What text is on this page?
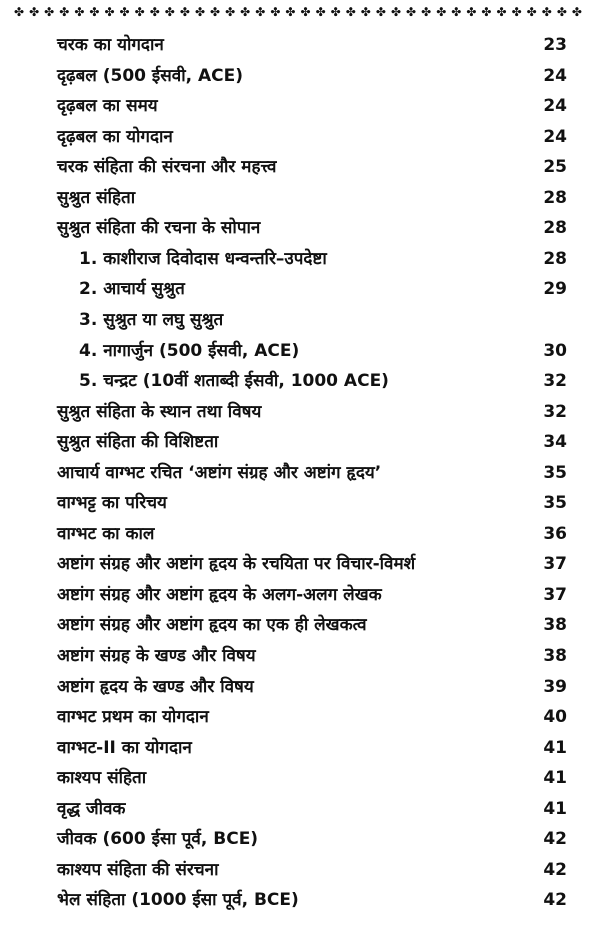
✤ ✤ ✤ ✤ ✤ ✤ ✤ ✤ ✤ ✤ ✤ ✤ ✤ ✤ ✤ ✤ ✤ ✤ ✤ ✤ ✤ ✤ ✤ ✤ ✤ ✤ ✤ ✤ ✤ ✤ ✤ ✤ ✤ ✤ ✤ ✤ ✤ ✤
चरक का योगदान	23
दृढ़बल (500 ईसवी, ACE)	24
दृढ़बल का समय	24
दृढ़बल का योगदान	24
चरक संहिता की संरचना और महत्त्व	25
सुश्रुत संहिता	28
सुश्रुत संहिता की रचना के सोपान	28
1. काशीराज दिवोदास धन्वन्तरि–उपदेष्टा	28
2. आचार्य सुश्रुत	29
3. सुश्रुत या लघु सुश्रुत
4. नागार्जुन (500 ईसवी, ACE)	30
5. चन्द्रट (10वीं शताब्दी ईसवी, 1000 ACE)	32
सुश्रुत संहिता के स्थान तथा विषय	32
सुश्रुत संहिता की विशिष्टता	34
आचार्य वाग्भट रचित ‘अष्टांग संग्रह और अष्टांग हृदय’	35
वाग्भट्ट का परिचय	35
वाग्भट का काल	36
अष्टांग संग्रह और अष्टांग हृदय के रचयिता पर विचार-विमर्श	37
अष्टांग संग्रह और अष्टांग हृदय के अलग-अलग लेखक	37
अष्टांग संग्रह और अष्टांग हृदय का एक ही लेखकत्व	38
अष्टांग संग्रह के खण्ड और विषय	38
अष्टांग हृदय के खण्ड और विषय	39
वाग्भट प्रथम का योगदान	40
वाग्भट-II का योगदान	41
काश्यप संहिता	41
वृद्ध जीवक	41
जीवक (600 ईसा पूर्व, BCE)	42
काश्यप संहिता की संरचना	42
भेल संहिता (1000 ईसा पूर्व, BCE)	42
